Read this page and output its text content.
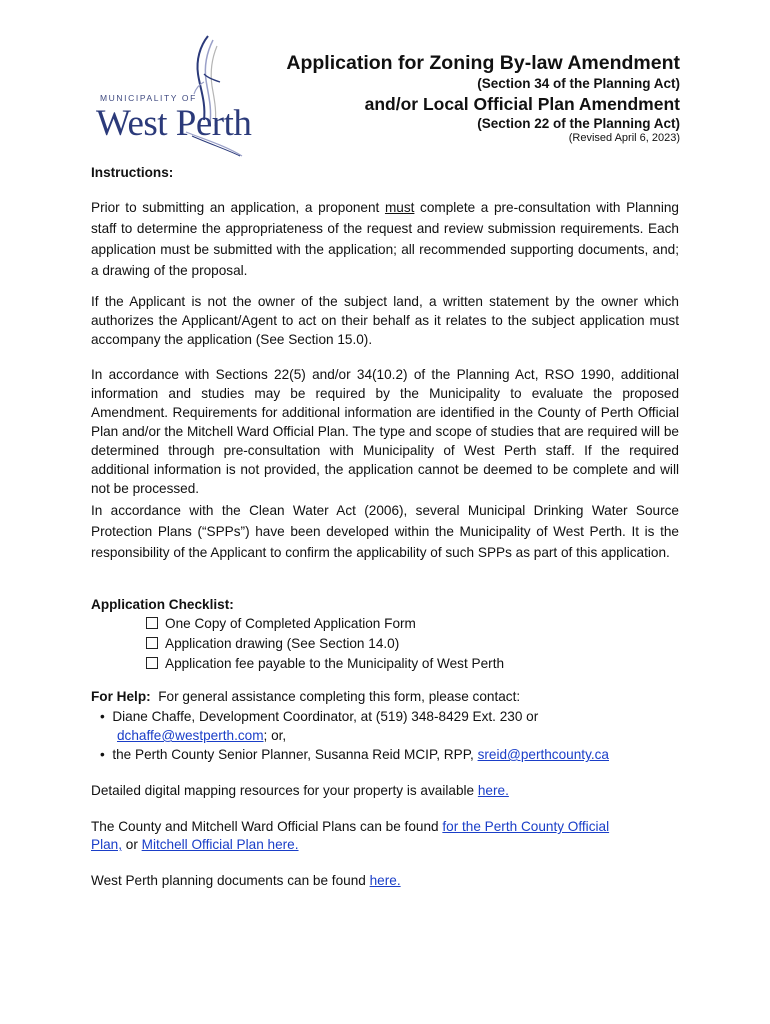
MUNICIPALITY OF
West Perth
Application for Zoning By-law Amendment
(Section 34 of the Planning Act)
and/or Local Official Plan Amendment
(Section 22 of the Planning Act)
(Revised April 6, 2023)
Instructions:
Prior to submitting an application, a proponent must complete a pre-consultation with Planning staff to determine the appropriateness of the request and review submission requirements. Each application must be submitted with the application; all recommended supporting documents, and; a drawing of the proposal.
If the Applicant is not the owner of the subject land, a written statement by the owner which authorizes the Applicant/Agent to act on their behalf as it relates to the subject application must accompany the application (See Section 15.0).
In accordance with Sections 22(5) and/or 34(10.2) of the Planning Act, RSO 1990, additional information and studies may be required by the Municipality to evaluate the proposed Amendment. Requirements for additional information are identified in the County of Perth Official Plan and/or the Mitchell Ward Official Plan. The type and scope of studies that are required will be determined through pre-consultation with Municipality of West Perth staff. If the required additional information is not provided, the application cannot be deemed to be complete and will not be processed.
In accordance with the Clean Water Act (2006), several Municipal Drinking Water Source Protection Plans (“SPPs”) have been developed within the Municipality of West Perth. It is the responsibility of the Applicant to confirm the applicability of such SPPs as part of this application.
Application Checklist:
One Copy of Completed Application Form
Application drawing (See Section 14.0)
Application fee payable to the Municipality of West Perth
For Help:  For general assistance completing this form, please contact:
•  Diane Chaffe, Development Coordinator, at (519) 348-8429 Ext. 230 or
dchaffe@westperth.com; or,
•  the Perth County Senior Planner, Susanna Reid MCIP, RPP, sreid@perthcounty.ca
Detailed digital mapping resources for your property is available here.
The County and Mitchell Ward Official Plans can be found for the Perth County Official
Plan, or Mitchell Official Plan here.
West Perth planning documents can be found here.
